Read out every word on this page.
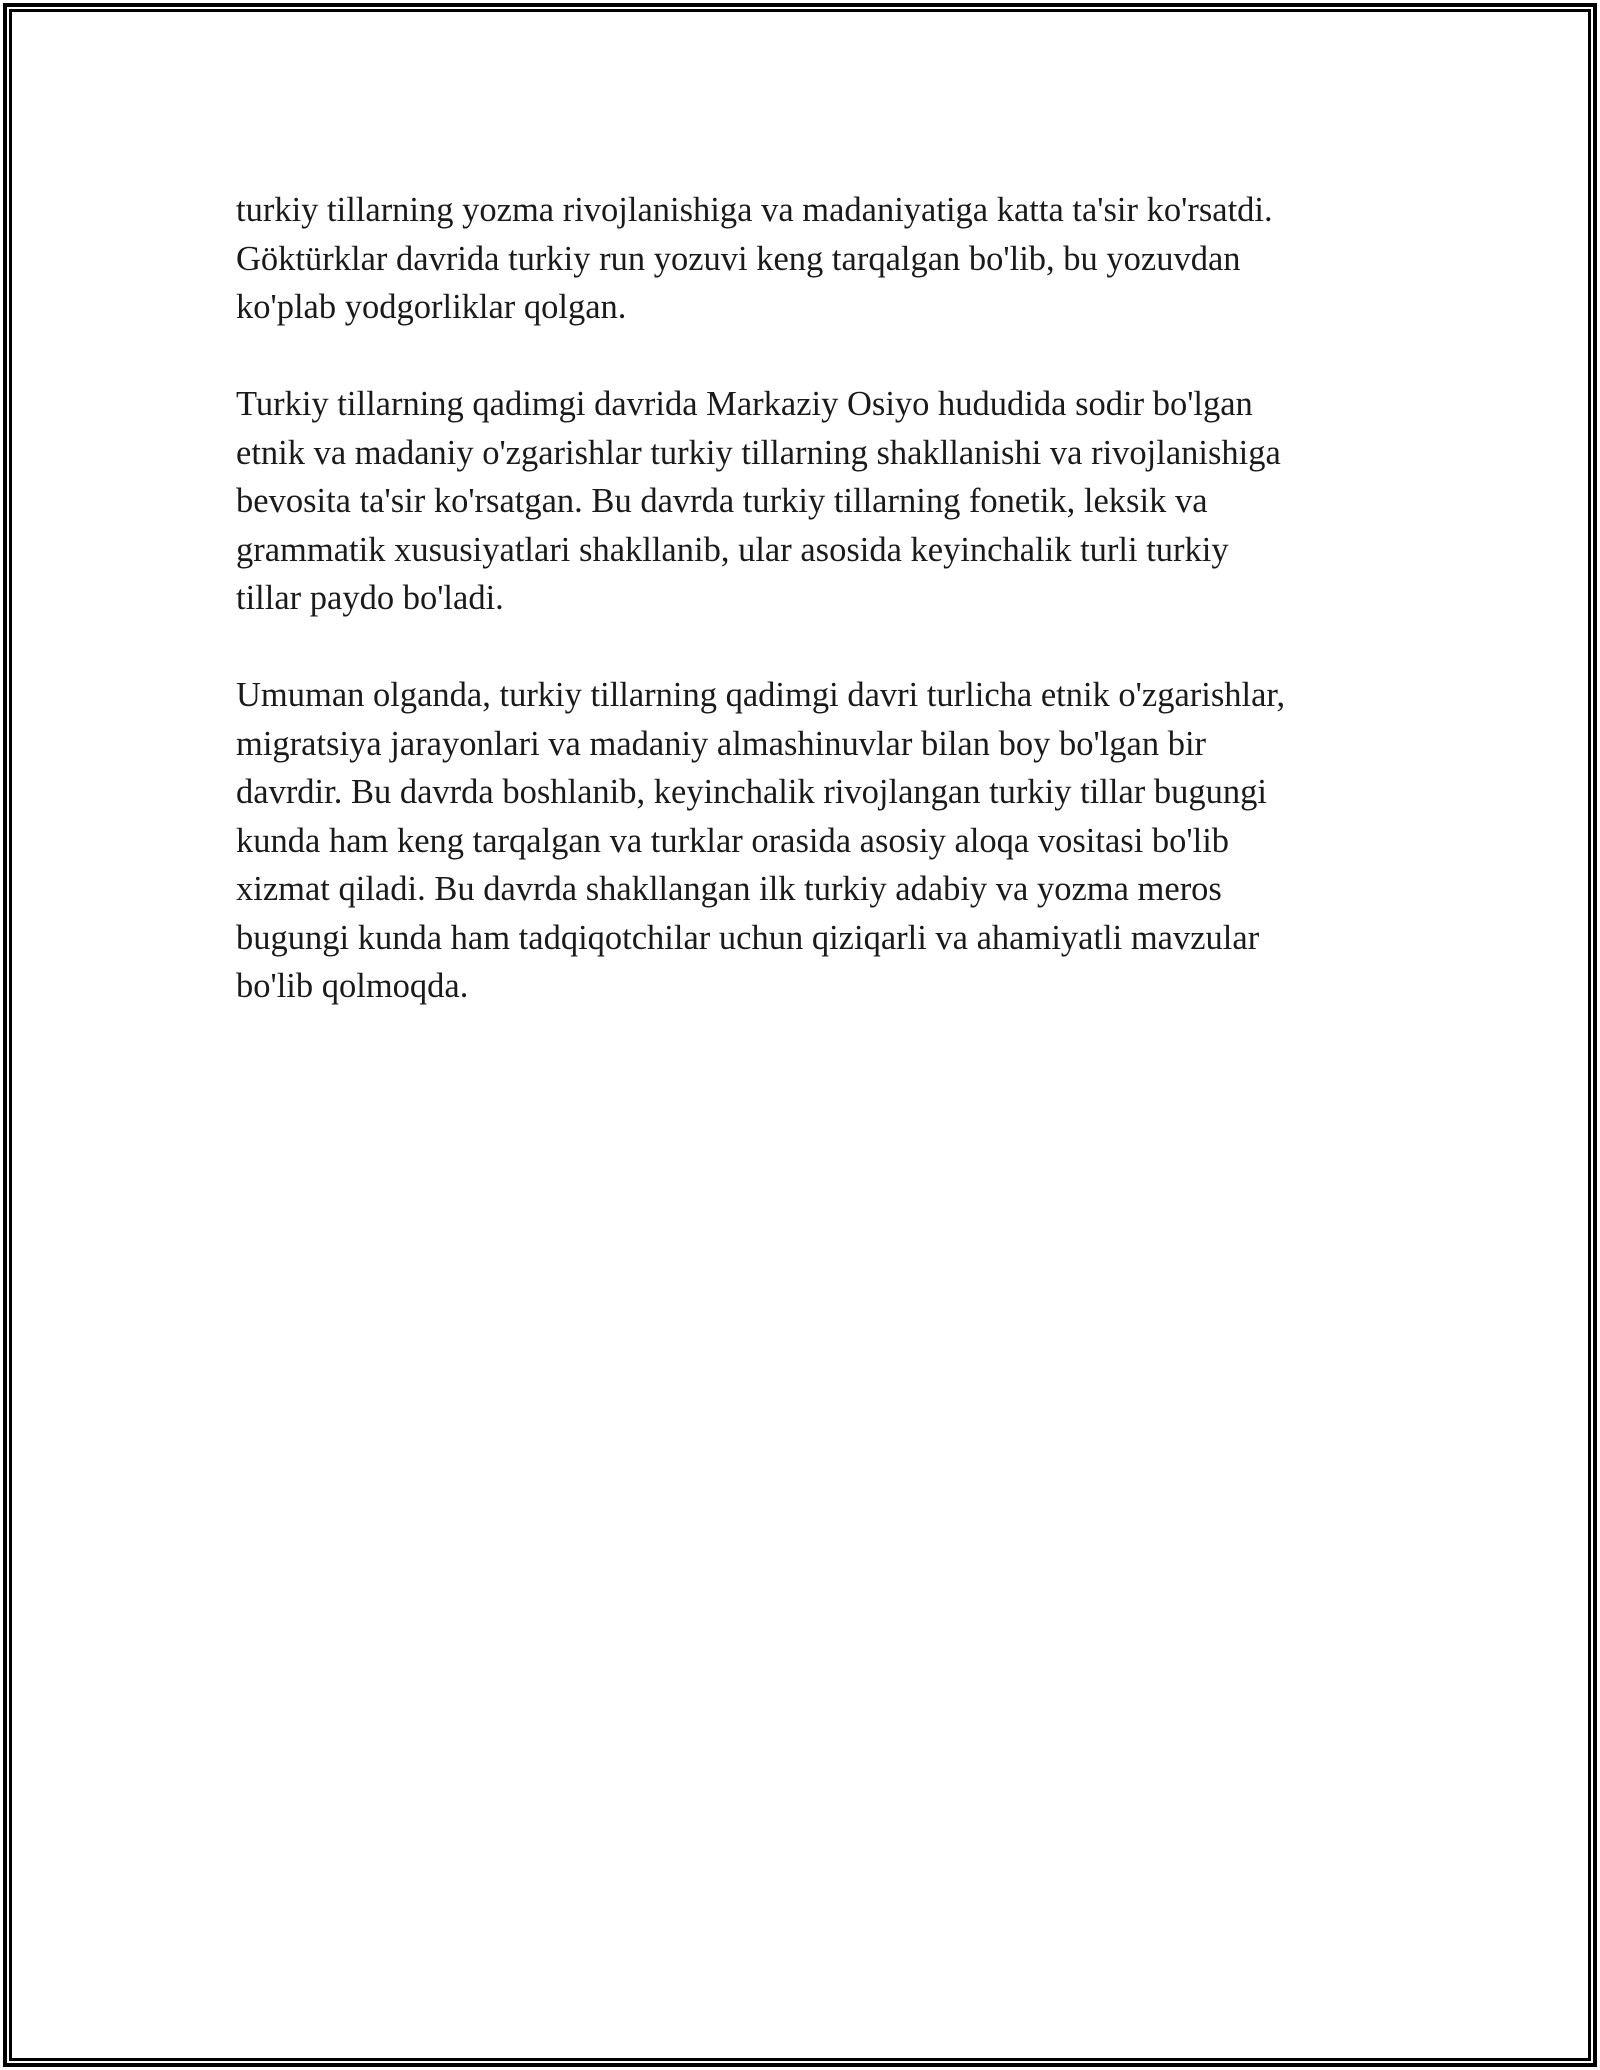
turkiy tillarning yozma rivojlanishiga va madaniyatiga katta ta'sir ko'rsatdi.
Göktürklar davrida turkiy run yozuvi keng tarqalgan bo'lib, bu yozuvdan
ko'plab yodgorliklar qolgan.

Turkiy tillarning qadimgi davrida Markaziy Osiyo hududida sodir bo'lgan
etnik va madaniy o'zgarishlar turkiy tillarning shakllanishi va rivojlanishiga
bevosita ta'sir ko'rsatgan. Bu davrda turkiy tillarning fonetik, leksik va
grammatik xususiyatlari shakllanib, ular asosida keyinchalik turli turkiy
tillar paydo bo'ladi.

Umuman olganda, turkiy tillarning qadimgi davri turlicha etnik o'zgarishlar,
migratsiya jarayonlari va madaniy almashinuvlar bilan boy bo'lgan bir
davrdir. Bu davrda boshlanib, keyinchalik rivojlangan turkiy tillar bugungi
kunda ham keng tarqalgan va turklar orasida asosiy aloqa vositasi bo'lib
xizmat qiladi. Bu davrda shakllangan ilk turkiy adabiy va yozma meros
bugungi kunda ham tadqiqotchilar uchun qiziqarli va ahamiyatli mavzular
bo'lib qolmoqda.
